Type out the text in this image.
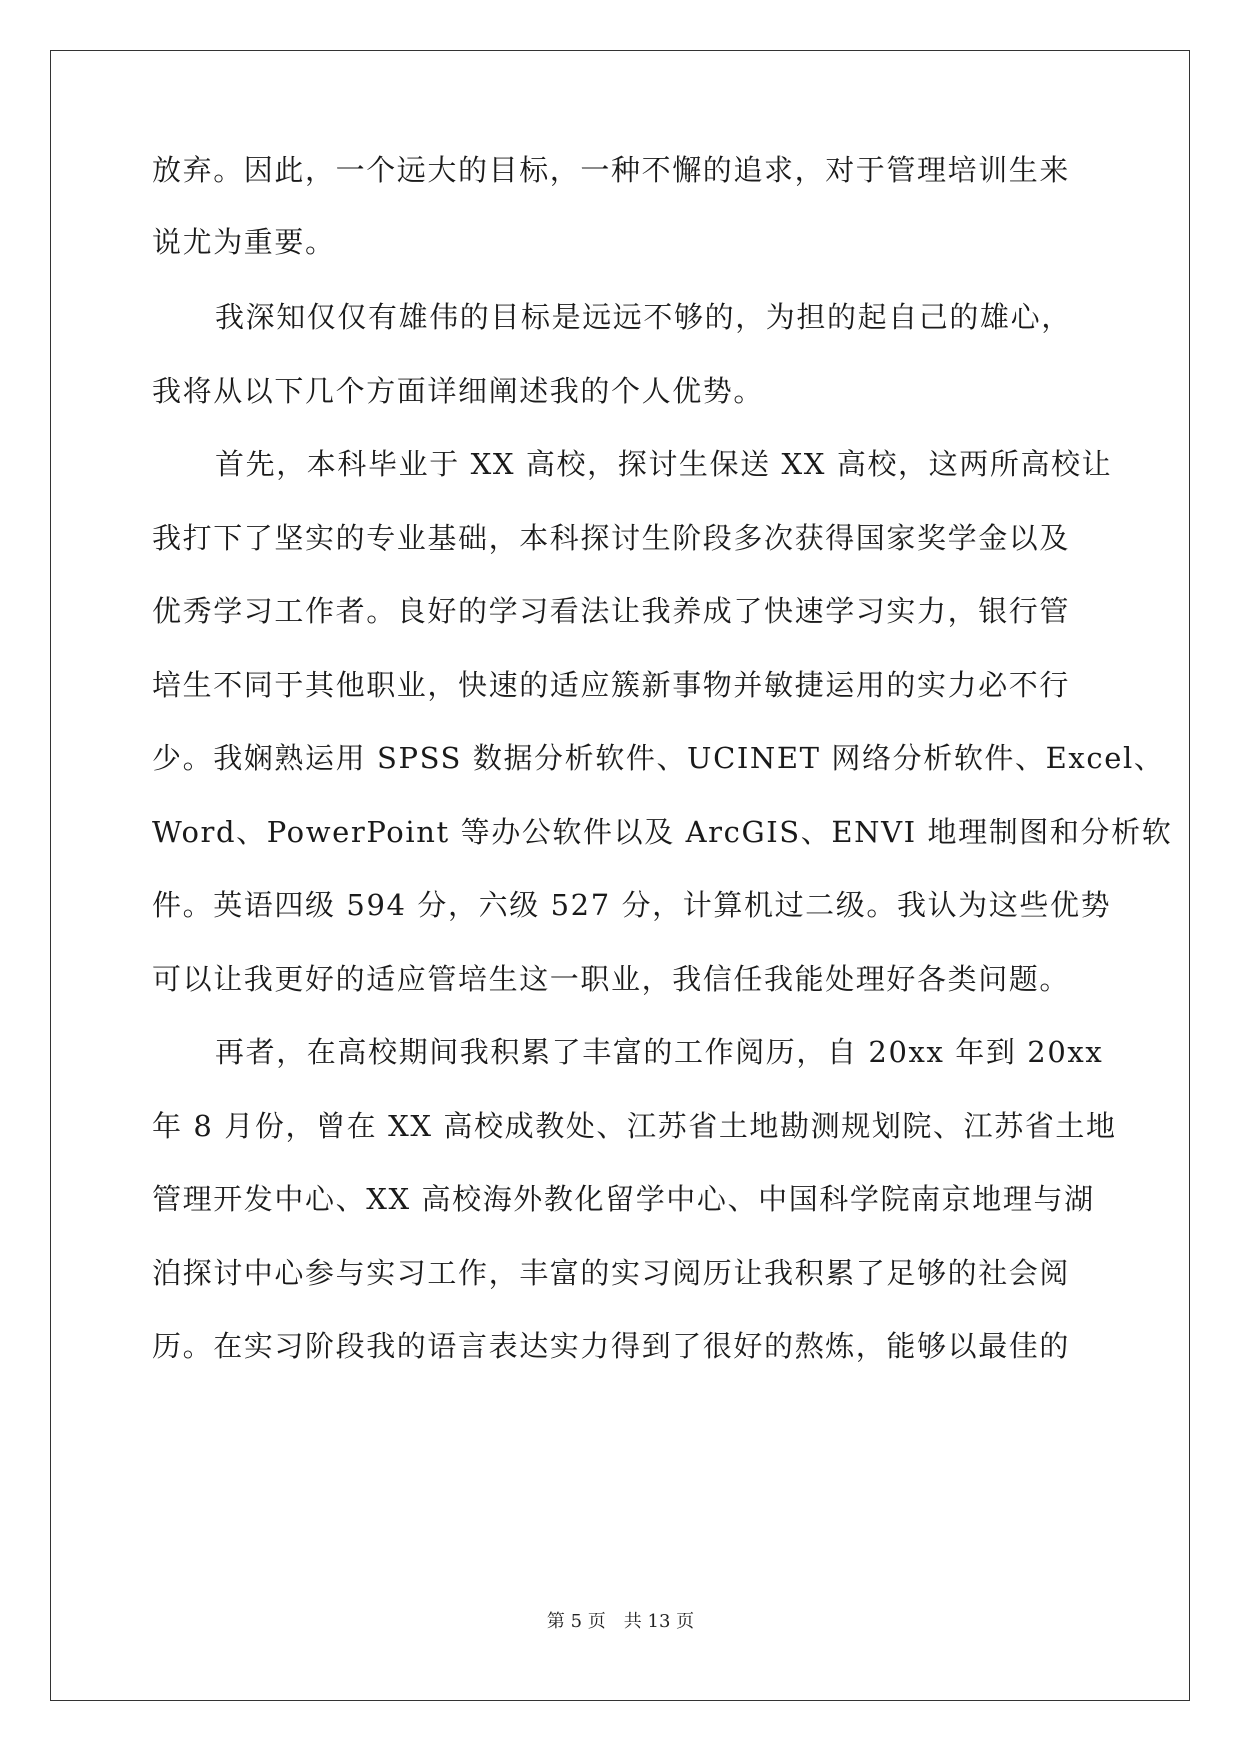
放弃。因此，一个远大的目标，一种不懈的追求，对于管理培训生来
说尤为重要。
我深知仅仅有雄伟的目标是远远不够的，为担的起自己的雄心，
我将从以下几个方面详细阐述我的个人优势。
首先，本科毕业于 XX 高校，探讨生保送 XX 高校，这两所高校让
我打下了坚实的专业基础，本科探讨生阶段多次获得国家奖学金以及
优秀学习工作者。良好的学习看法让我养成了快速学习实力，银行管
培生不同于其他职业，快速的适应簇新事物并敏捷运用的实力必不行
少。我娴熟运用 SPSS 数据分析软件、UCINET 网络分析软件、Excel、
Word、PowerPoint 等办公软件以及 ArcGIS、ENVI 地理制图和分析软
件。英语四级 594 分，六级 527 分，计算机过二级。我认为这些优势
可以让我更好的适应管培生这一职业，我信任我能处理好各类问题。
再者，在高校期间我积累了丰富的工作阅历，自 20xx 年到 20xx
年 8 月份，曾在 XX 高校成教处、江苏省土地勘测规划院、江苏省土地
管理开发中心、XX 高校海外教化留学中心、中国科学院南京地理与湖
泊探讨中心参与实习工作，丰富的实习阅历让我积累了足够的社会阅
历。在实习阶段我的语言表达实力得到了很好的熬炼，能够以最佳的
第 5 页 共 13 页
